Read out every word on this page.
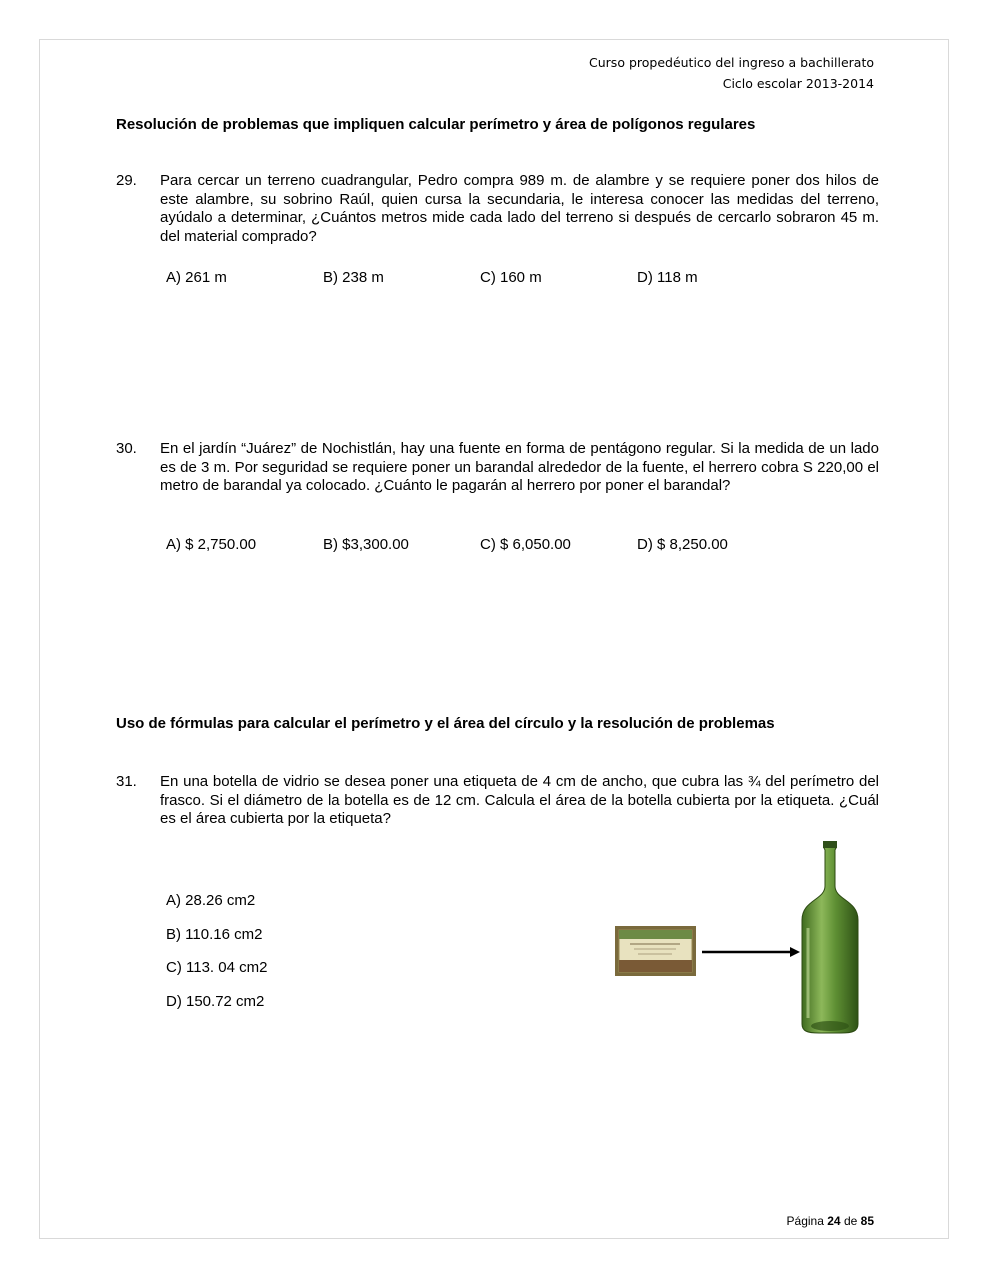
Curso propedéutico del ingreso a bachillerato
Ciclo escolar 2013-2014
Resolución de problemas que impliquen calcular perímetro y área de polígonos regulares
29. Para cercar un terreno cuadrangular, Pedro compra 989 m. de alambre y se requiere poner dos hilos de este alambre, su sobrino Raúl, quien cursa la secundaria, le interesa conocer las medidas del terreno, ayúdalo a determinar, ¿Cuántos metros mide cada lado del terreno si después de cercarlo sobraron 45 m. del material comprado?
A) 261 m	B) 238 m	C) 160 m	D) 118 m
30. En el jardín “Juárez” de Nochistlán, hay una fuente en forma de pentágono regular. Si la medida de un lado es de 3 m. Por seguridad se requiere poner un barandal alrededor de la fuente, el herrero cobra S 220,00 el metro de barandal ya colocado. ¿Cuánto le pagarán al herrero por poner el barandal?
A) $ 2,750.00	B) $3,300.00	C) $ 6,050.00	D) $ 8,250.00
Uso de fórmulas para calcular el perímetro y el área del círculo y la resolución de problemas
31. En una botella de vidrio se desea poner una etiqueta de 4 cm de ancho, que cubra las ¾ del perímetro del frasco. Si el diámetro de la botella es de 12 cm. Calcula el área de la botella cubierta por la etiqueta. ¿Cuál es el área cubierta por la etiqueta?
A) 28.26 cm2
B) 110.16 cm2
C) 113. 04 cm2
D) 150.72 cm2
Página 24 de 85
